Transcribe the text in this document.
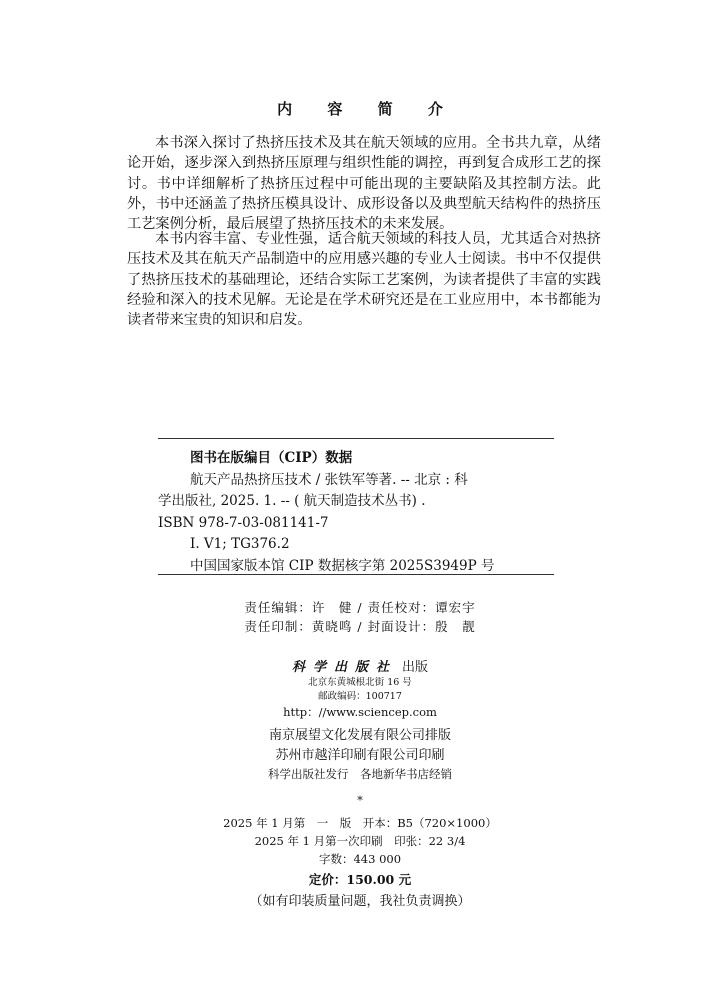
内 容 简 介

本书深入探讨了热挤压技术及其在航天领域的应用。全书共九章，从绪论开始，逐步深入到热挤压原理与组织性能的调控，再到复合成形工艺的探讨。书中详细解析了热挤压过程中可能出现的主要缺陷及其控制方法。此外，书中还涵盖了热挤压模具设计、成形设备以及典型航天结构件的热挤压工艺案例分析，最后展望了热挤压技术的未来发展。

本书内容丰富、专业性强，适合航天领域的科技人员，尤其适合对热挤压技术及其在航天产品制造中的应用感兴趣的专业人士阅读。书中不仅提供了热挤压技术的基础理论，还结合实际工艺案例，为读者提供了丰富的实践经验和深入的技术见解。无论是在学术研究还是在工业应用中，本书都能为读者带来宝贵的知识和启发。

图书在版编目（CIP）数据
航天产品热挤压技术 / 张铁军等著. -- 北京 : 科
学出版社, 2025. 1. -- ( 航天制造技术丛书) .
ISBN 978-7-03-081141-7
Ⅰ. V1; TG376.2
中国国家版本馆 CIP 数据核字第 2025S3949P 号
责任编辑：许　健 / 责任校对：谭宏宇
责任印制：黄晓鸣 / 封面设计：殷　靓
科学出版社 出版
北京东黄城根北街 16 号
邮政编码：100717
http：//www.sciencep.com
南京展望文化发展有限公司排版
苏州市越洋印刷有限公司印刷
科学出版社发行　各地新华书店经销
*
2025 年 1 月第　一　版　开本：B5（720×1000）
2025 年 1 月第一次印刷　印张：22 3/4
字数：443 000
定价：150.00 元
（如有印装质量问题，我社负责调换）
